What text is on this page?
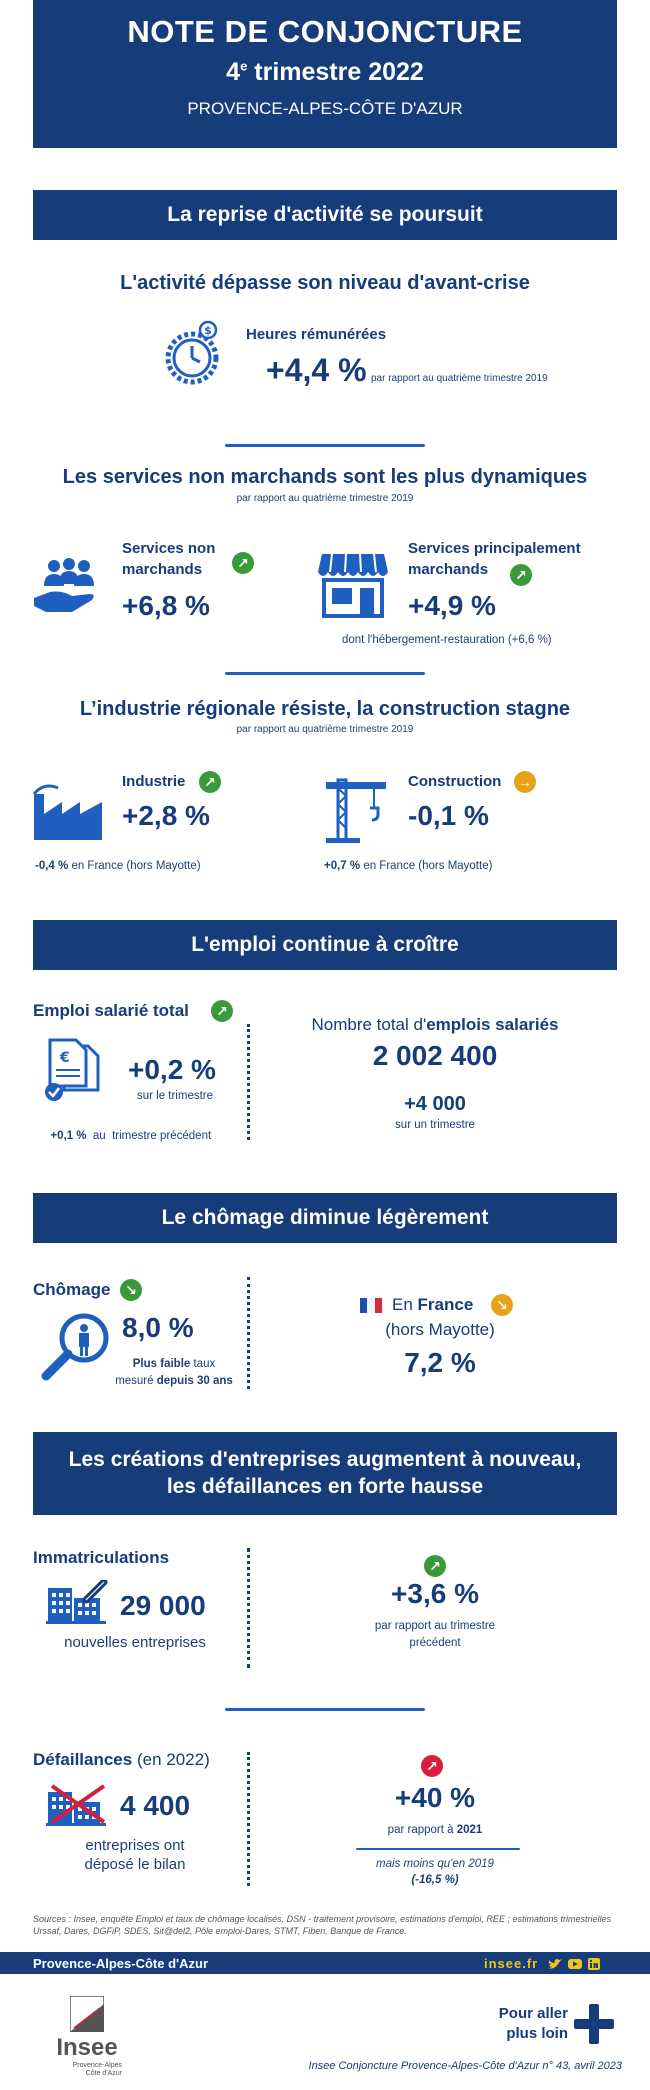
NOTE DE CONJONCTURE
4e trimestre 2022
PROVENCE-ALPES-CÔTE D'AZUR
La reprise d'activité se poursuit
L'activité dépasse son niveau d'avant-crise
$ Heures rémunérées
+4,4 % par rapport au quatrième trimestre 2019
Les services non marchands sont les plus dynamiques
par rapport au quatrième trimestre 2019
Services non
marchands	↗
+6,8 %
Services principalement
marchands	↗
+4,9 %
dont l'hébergement-restauration (+6,6 %)
L’industrie régionale résiste, la construction stagne
par rapport au quatrième trimestre 2019
Industrie	↗
+2,8 %
-0,4 % en France (hors Mayotte)
Construction →
-0,1 %
+0,7 % en France (hors Mayotte)
L'emploi continue à croître
Emploi salarié total	↗
€ +0,2 %
sur le trimestre

+0,1 %  au  trimestre précédent

Nombre total d'emplois salariés
2 002 400
+4 000
sur un trimestre
Le chômage diminue légèrement
Chômage	↘
8,0 %
Plus faible taux
mesuré depuis 30 ans
En France	↘
(hors Mayotte)
7,2 %
Les créations d'entreprises augmentent à nouveau,
les défaillances en forte hausse
Immatriculations
29 000
nouvelles entreprises
↗
+3,6 %
par rapport au trimestre
précédent
Défaillances (en 2022)
4 400
entreprises ont
déposé le bilan
↗
+40 %
par rapport à 2021
mais moins qu'en 2019
(-16,5 %)
Sources : Insee, enquête Emploi et taux de chômage localisés, DSN - traitement provisoire, estimations d'emploi, REE ; estimations trimestrielles Urssaf, Dares, DGFiP, SDES, Sit@del2, Pôle emploi-Dares, STMT, Fiben, Banque de France.
Provence-Alpes-Côte d'Azur	insee.fr
Insee
Provence-Alpes
Côte d'Azur
Pour aller
plus loin
Insee Conjoncture Provence-Alpes-Côte d'Azur n° 43, avril 2023
